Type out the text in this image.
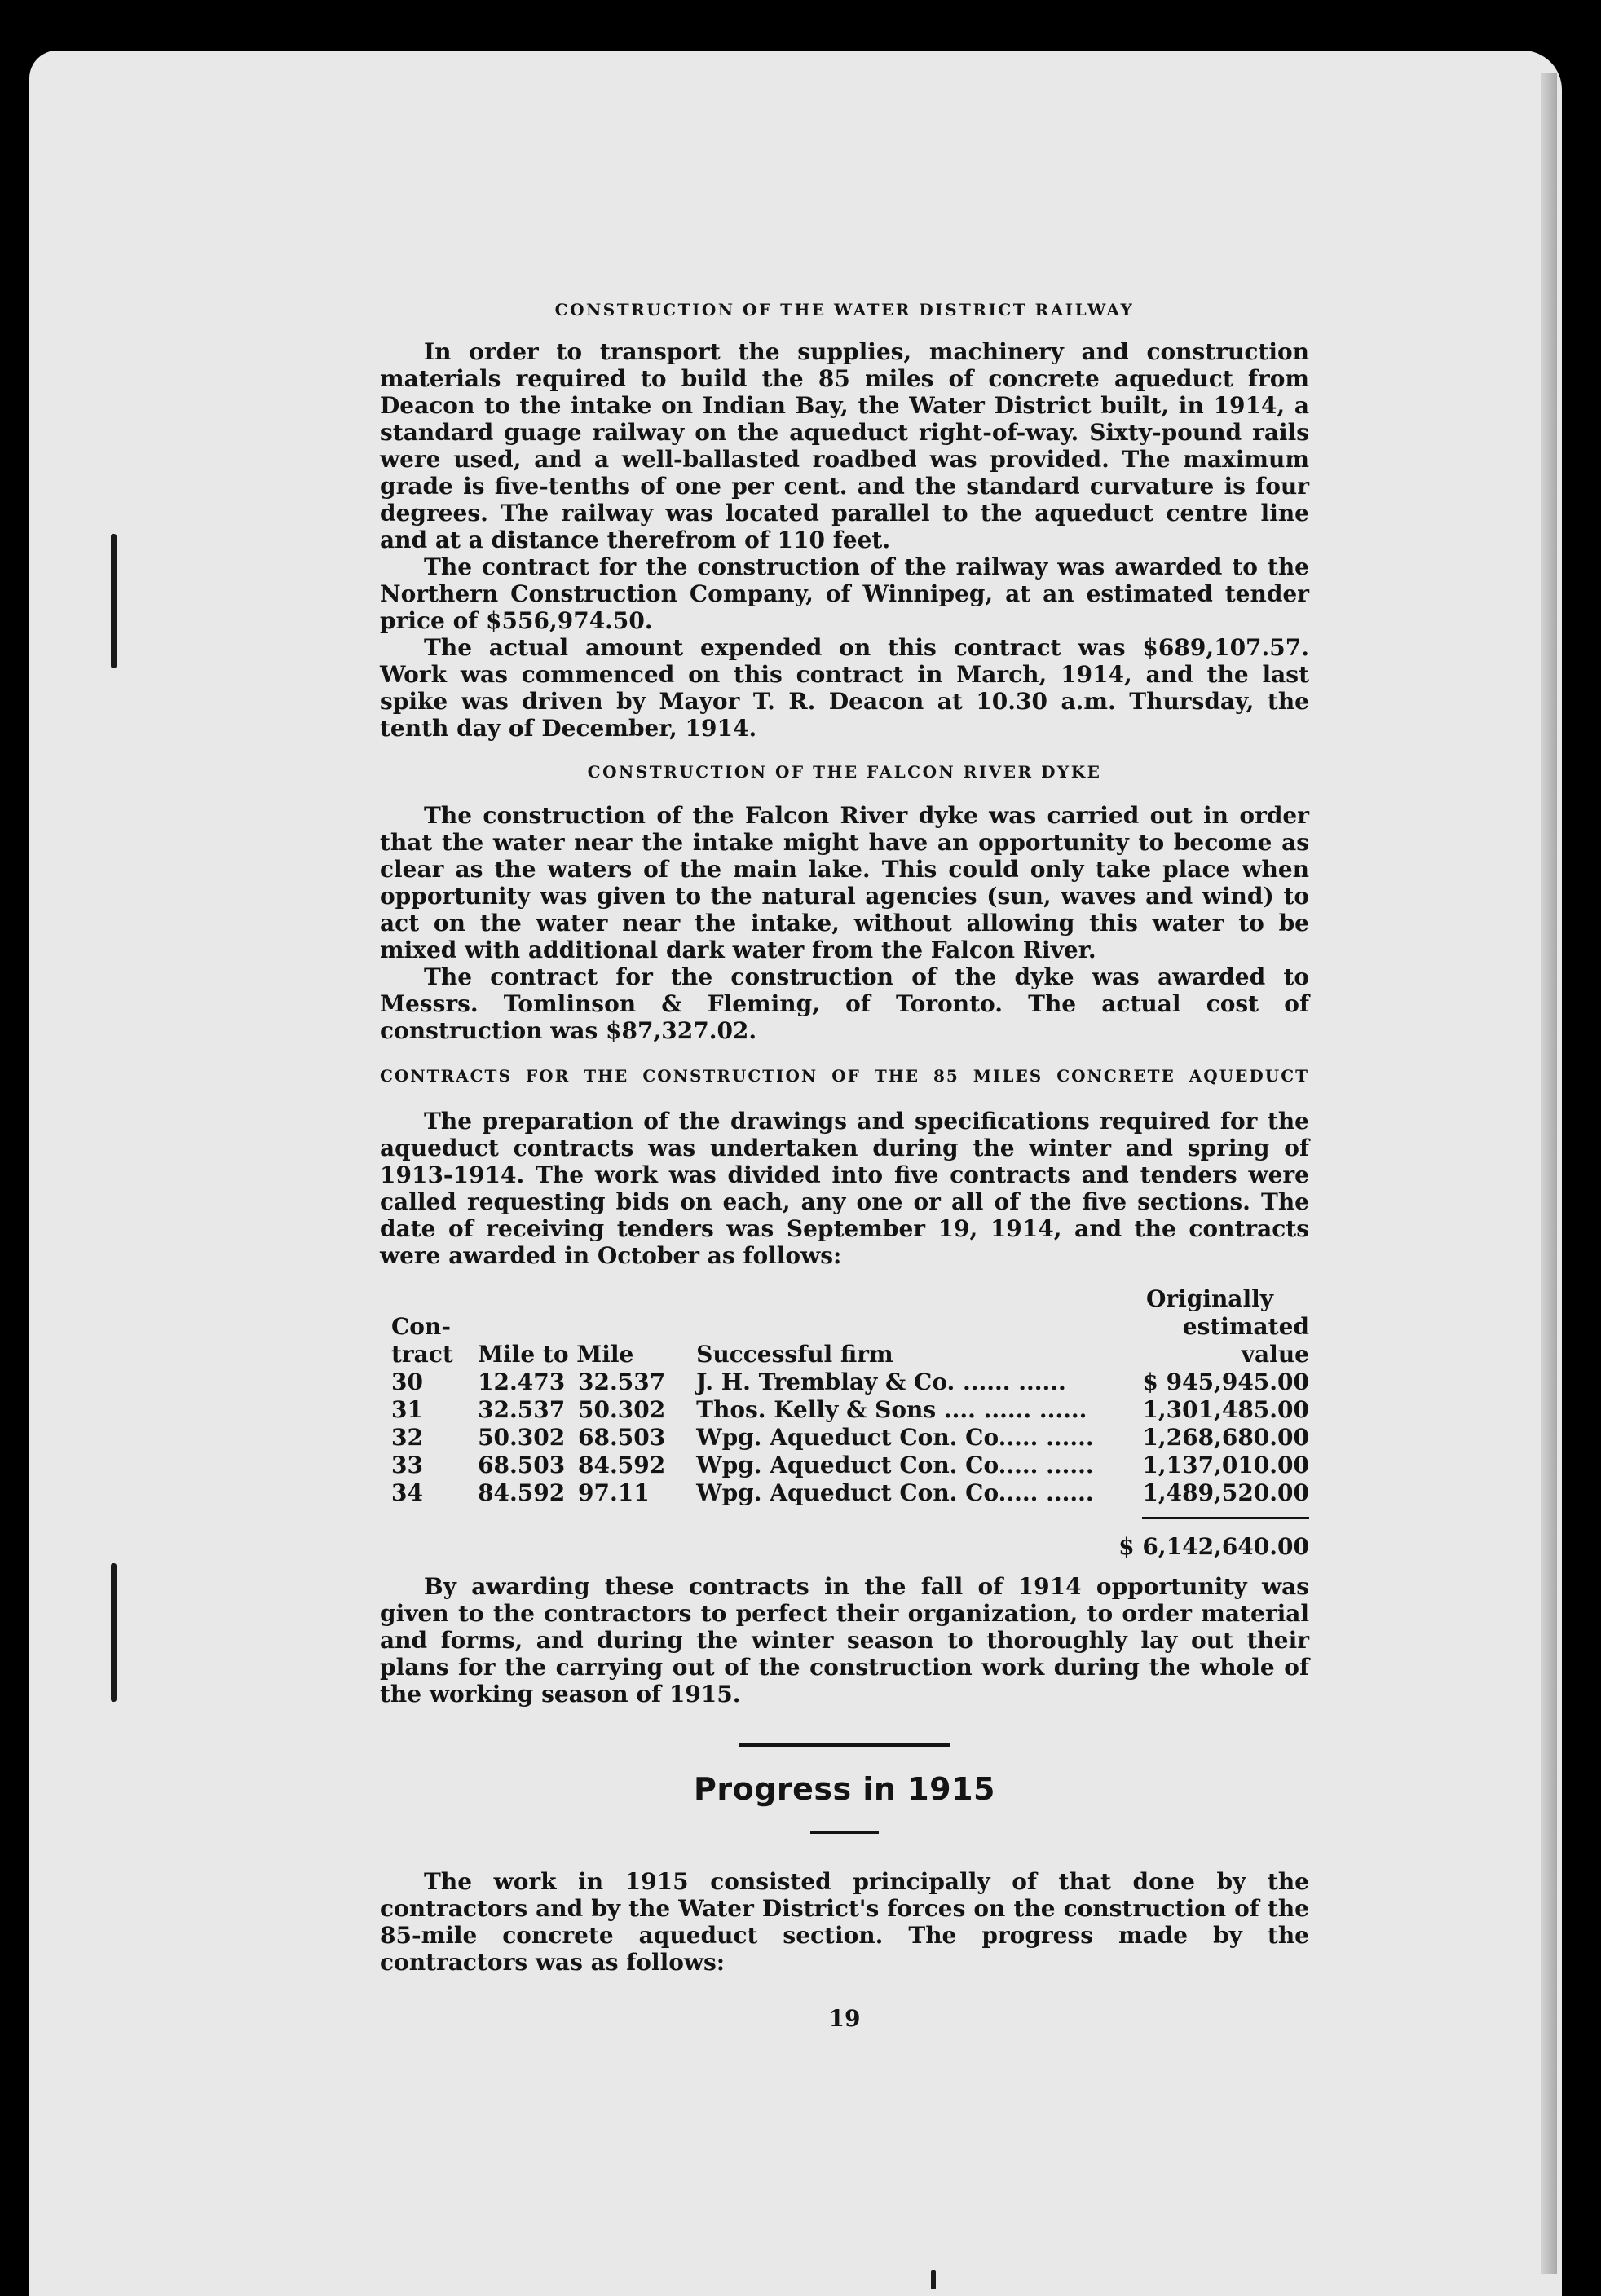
CONSTRUCTION OF THE WATER DISTRICT RAILWAY

In order to transport the supplies, machinery and construction materials required to build the 85 miles of concrete aqueduct from Deacon to the intake on Indian Bay, the Water District built, in 1914, a standard guage railway on the aqueduct right-of-way. Sixty-pound rails were used, and a well-ballasted roadbed was provided. The maximum grade is five-tenths of one per cent. and the standard curvature is four degrees. The railway was located parallel to the aqueduct centre line and at a distance therefrom of 110 feet.

The contract for the construction of the railway was awarded to the Northern Construction Company, of Winnipeg, at an estimated tender price of $556,974.50.

The actual amount expended on this contract was $689,107.57. Work was commenced on this contract in March, 1914, and the last spike was driven by Mayor T. R. Deacon at 10.30 a.m. Thursday, the tenth day of December, 1914.

CONSTRUCTION OF THE FALCON RIVER DYKE

The construction of the Falcon River dyke was carried out in order that the water near the intake might have an opportunity to become as clear as the waters of the main lake. This could only take place when opportunity was given to the natural agencies (sun, waves and wind) to act on the water near the intake, without allowing this water to be mixed with additional dark water from the Falcon River.

The contract for the construction of the dyke was awarded to Messrs. Tomlinson & Fleming, of Toronto. The actual cost of construction was $87,327.02.

CONTRACTS FOR THE CONSTRUCTION OF THE 85 MILES CONCRETE AQUEDUCT

The preparation of the drawings and specifications required for the aqueduct contracts was undertaken during the winter and spring of 1913-1914. The work was divided into five contracts and tenders were called requesting bids on each, any one or all of the five sections. The date of receiving tenders was September 19, 1914, and the contracts were awarded in October as follows:

Con-
tract	Mile to Mile		Successful firm	Originally
estimated value
30	12.473	32.537	J. H. Tremblay & Co. ...... ......	$ 945,945.00
31	32.537	50.302	Thos. Kelly & Sons .... ...... ......	1,301,485.00
32	50.302	68.503	Wpg. Aqueduct Con. Co..... ......	1,268,680.00
33	68.503	84.592	Wpg. Aqueduct Con. Co..... ......	1,137,010.00
34	84.592	97.11	Wpg. Aqueduct Con. Co..... ......	1,489,520.00
$ 6,142,640.00

By awarding these contracts in the fall of 1914 opportunity was given to the contractors to perfect their organization, to order material and forms, and during the winter season to thoroughly lay out their plans for the carrying out of the construction work during the whole of the working season of 1915.

Progress in 1915

The work in 1915 consisted principally of that done by the contractors and by the Water District's forces on the construction of the 85-mile concrete aqueduct section. The progress made by the contractors was as follows:

19
